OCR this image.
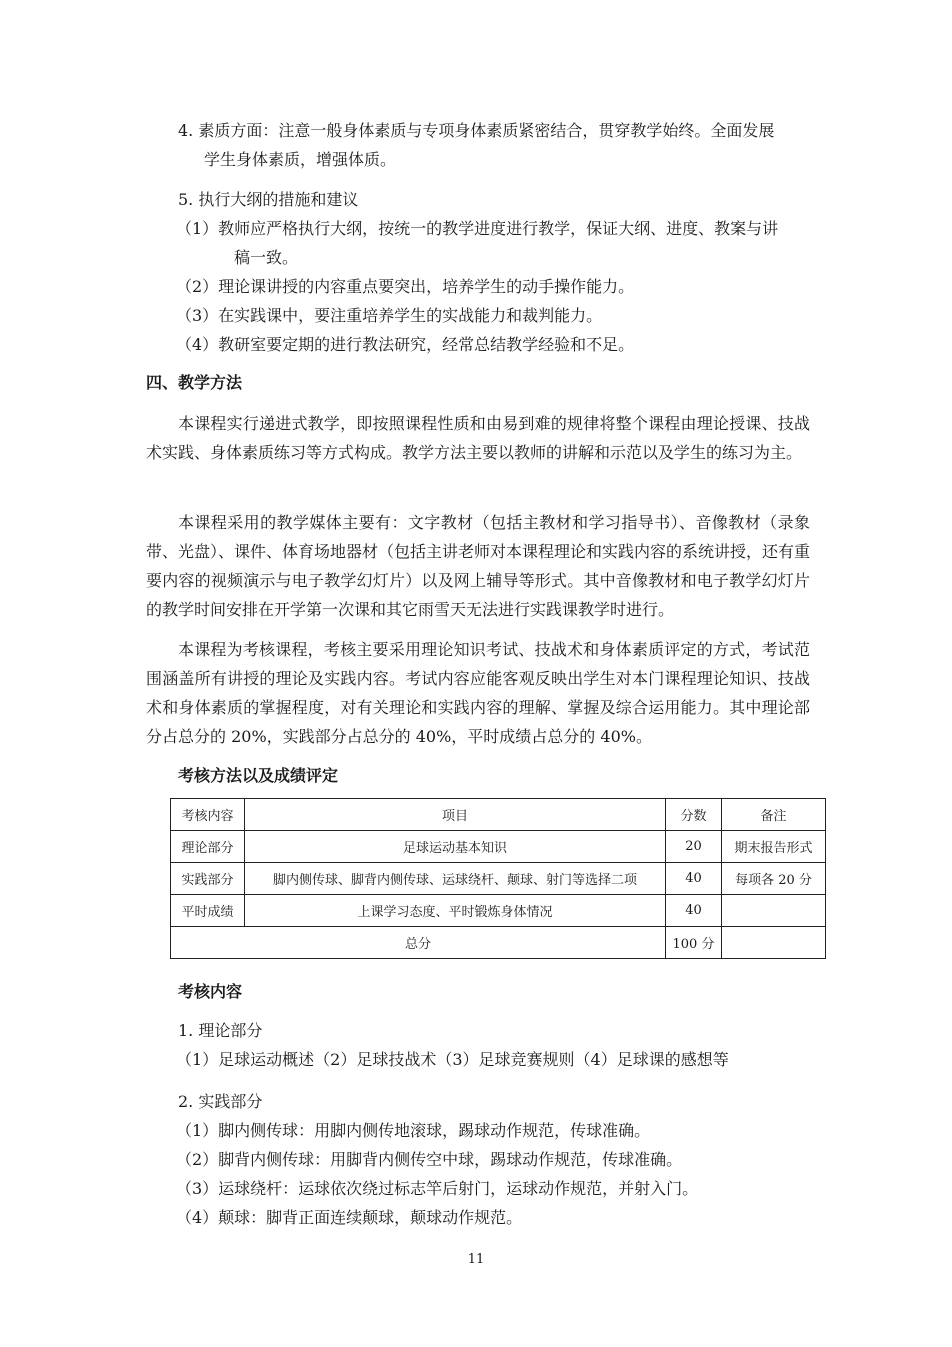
4. 素质方面：注意一般身体素质与专项身体素质紧密结合，贯穿教学始终。全面发展
学生身体素质，增强体质。
5. 执行大纲的措施和建议
（1）教师应严格执行大纲，按统一的教学进度进行教学，保证大纲、进度、教案与讲
稿一致。
（2）理论课讲授的内容重点要突出，培养学生的动手操作能力。
（3）在实践课中，要注重培养学生的实战能力和裁判能力。
（4）教研室要定期的进行教法研究，经常总结教学经验和不足。
四、教学方法
本课程实行递进式教学，即按照课程性质和由易到难的规律将整个课程由理论授课、技战术实践、身体素质练习等方式构成。教学方法主要以教师的讲解和示范以及学生的练习为主。
本课程采用的教学媒体主要有：文字教材（包括主教材和学习指导书）、音像教材（录象带、光盘）、课件、体育场地器材（包括主讲老师对本课程理论和实践内容的系统讲授，还有重要内容的视频演示与电子教学幻灯片）以及网上辅导等形式。其中音像教材和电子教学幻灯片的教学时间安排在开学第一次课和其它雨雪天无法进行实践课教学时进行。
本课程为考核课程，考核主要采用理论知识考试、技战术和身体素质评定的方式，考试范围涵盖所有讲授的理论及实践内容。考试内容应能客观反映出学生对本门课程理论知识、技战术和身体素质的掌握程度，对有关理论和实践内容的理解、掌握及综合运用能力。其中理论部分占总分的 20%，实践部分占总分的 40%，平时成绩占总分的 40%。
考核方法以及成绩评定
考核内容	项目	分数	备注
理论部分	足球运动基本知识	20	期末报告形式
实践部分	脚内侧传球、脚背内侧传球、运球绕杆、颠球、射门等选择二项	40	每项各 20 分
平时成绩	上课学习态度、平时锻炼身体情况	40	
总分		100 分	
考核内容
1. 理论部分
（1）足球运动概述（2）足球技战术（3）足球竞赛规则（4）足球课的感想等
2. 实践部分
（1）脚内侧传球：用脚内侧传地滚球，踢球动作规范，传球准确。
（2）脚背内侧传球：用脚背内侧传空中球，踢球动作规范，传球准确。
（3）运球绕杆：运球依次绕过标志竿后射门，运球动作规范，并射入门。
（4）颠球：脚背正面连续颠球，颠球动作规范。
11
